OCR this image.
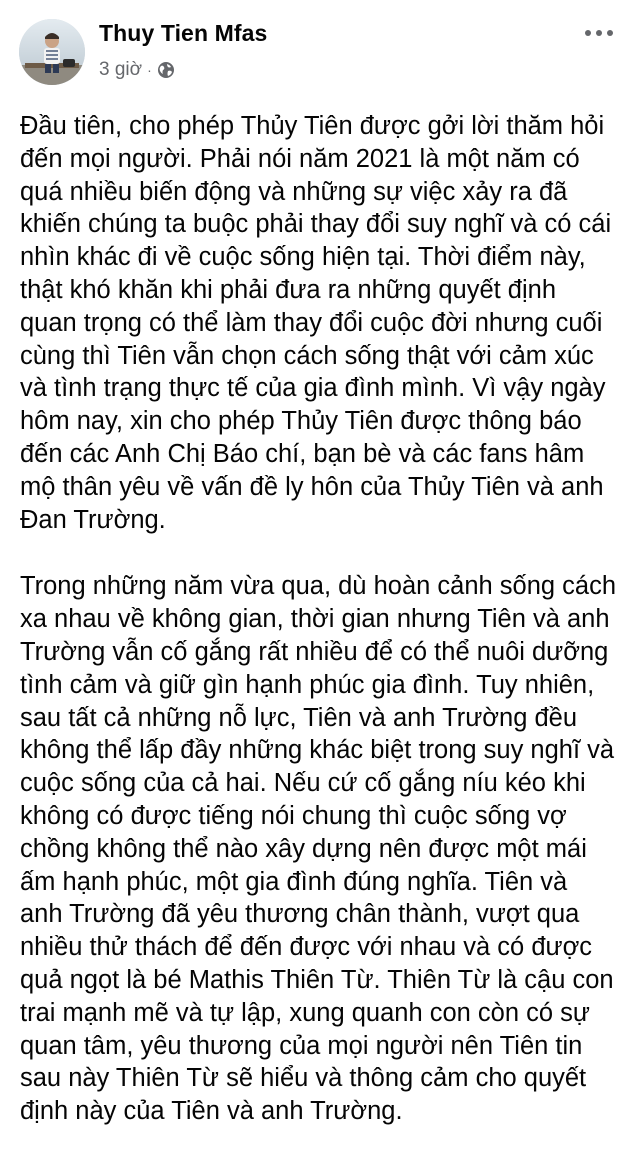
Thuy Tien Mfas
3 giờ ·

Đầu tiên, cho phép Thủy Tiên được gởi lời thăm hỏi
đến mọi người. Phải nói năm 2021 là một năm có
quá nhiều biến động và những sự việc xảy ra đã
khiến chúng ta buộc phải thay đổi suy nghĩ và có cái
nhìn khác đi về cuộc sống hiện tại. Thời điểm này,
thật khó khăn khi phải đưa ra những quyết định
quan trọng có thể làm thay đổi cuộc đời nhưng cuối
cùng thì Tiên vẫn chọn cách sống thật với cảm xúc
và tình trạng thực tế của gia đình mình. Vì vậy ngày
hôm nay, xin cho phép Thủy Tiên được thông báo
đến các Anh Chị Báo chí, bạn bè và các fans hâm
mộ thân yêu về vấn đề ly hôn của Thủy Tiên và anh
Đan Trường.

Trong những năm vừa qua, dù hoàn cảnh sống cách
xa nhau về không gian, thời gian nhưng Tiên và anh
Trường vẫn cố gắng rất nhiều để có thể nuôi dưỡng
tình cảm và giữ gìn hạnh phúc gia đình. Tuy nhiên,
sau tất cả những nỗ lực, Tiên và anh Trường đều
không thể lấp đầy những khác biệt trong suy nghĩ và
cuộc sống của cả hai. Nếu cứ cố gắng níu kéo khi
không có được tiếng nói chung thì cuộc sống vợ
chồng không thể nào xây dựng nên được một mái
ấm hạnh phúc, một gia đình đúng nghĩa. Tiên và
anh Trường đã yêu thương chân thành, vượt qua
nhiều thử thách để đến được với nhau và có được
quả ngọt là bé Mathis Thiên Từ. Thiên Từ là cậu con
trai mạnh mẽ và tự lập, xung quanh con còn có sự
quan tâm, yêu thương của mọi người nên Tiên tin
sau này Thiên Từ sẽ hiểu và thông cảm cho quyết
định này của Tiên và anh Trường.
